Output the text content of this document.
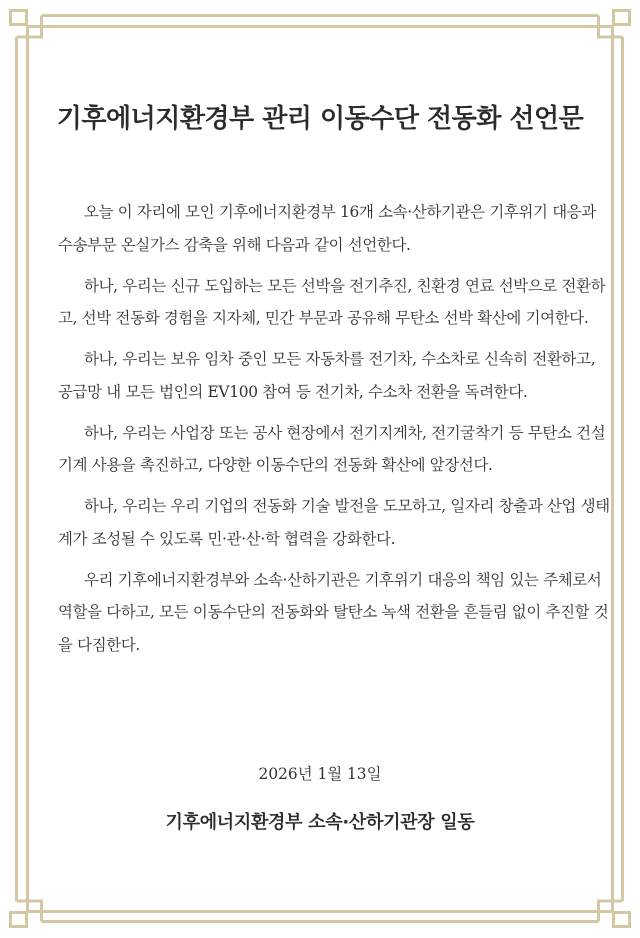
기후에너지환경부 관리 이동수단 전동화 선언문

오늘 이 자리에 모인 기후에너지환경부 16개 소속·산하기관은 기후위기 대응과 수송부문 온실가스 감축을 위해 다음과 같이 선언한다.

하나, 우리는 신규 도입하는 모든 선박을 전기추진, 친환경 연료 선박으로 전환하고, 선박 전동화 경험을 지자체, 민간 부문과 공유해 무탄소 선박 확산에 기여한다.

하나, 우리는 보유 임차 중인 모든 자동차를 전기차, 수소차로 신속히 전환하고, 공급망 내 모든 법인의 EV100 참여 등 전기차, 수소차 전환을 독려한다.

하나, 우리는 사업장 또는 공사 현장에서 전기지게차, 전기굴착기 등 무탄소 건설기계 사용을 촉진하고, 다양한 이동수단의 전동화 확산에 앞장선다.

하나, 우리는 우리 기업의 전동화 기술 발전을 도모하고, 일자리 창출과 산업 생태계가 조성될 수 있도록 민·관·산·학 협력을 강화한다.

우리 기후에너지환경부와 소속·산하기관은 기후위기 대응의 책임 있는 주체로서 역할을 다하고, 모든 이동수단의 전동화와 탈탄소 녹색 전환을 흔들림 없이 추진할 것을 다짐한다.

2026년 1월 13일
기후에너지환경부 소속·산하기관장 일동
